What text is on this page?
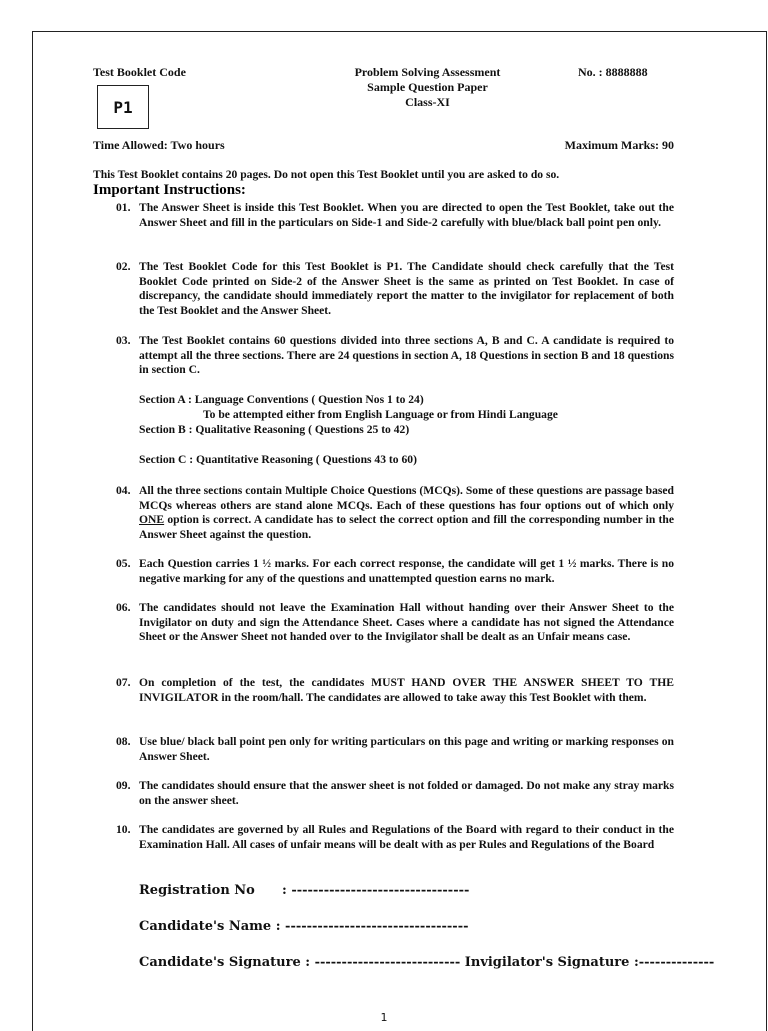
Test Booklet Code
P1
Problem Solving Assessment
Sample Question Paper
Class-XI
No. : 8888888
Time Allowed: Two hours	Maximum Marks: 90
This Test Booklet contains 20 pages. Do not open this Test Booklet until you are asked to do so.
Important Instructions:
01. The Answer Sheet is inside this Test Booklet. When you are directed to open the Test Booklet, take out the Answer Sheet and fill in the particulars on Side-1 and Side-2 carefully with blue/black ball point pen only.
02. The Test Booklet Code for this Test Booklet is P1. The Candidate should check carefully that the Test Booklet Code printed on Side-2 of the Answer Sheet is the same as printed on Test Booklet. In case of discrepancy, the candidate should immediately report the matter to the invigilator for replacement of both the Test Booklet and the Answer Sheet.
03. The Test Booklet contains 60 questions divided into three sections A, B and C. A candidate is required to attempt all the three sections. There are 24 questions in section A, 18 Questions in section B and 18 questions in section C.
Section A : Language Conventions ( Question Nos 1 to 24)
To be attempted either from English Language or from Hindi Language
Section B : Qualitative Reasoning ( Questions 25 to 42)
Section C : Quantitative Reasoning ( Questions 43 to 60)
04. All the three sections contain Multiple Choice Questions (MCQs). Some of these questions are passage based MCQs whereas others are stand alone MCQs. Each of these questions has four options out of which only ONE option is correct. A candidate has to select the correct option and fill the corresponding number in the Answer Sheet against the question.
05. Each Question carries 1 ½ marks. For each correct response, the candidate will get 1 ½ marks. There is no negative marking for any of the questions and unattempted question earns no mark.
06. The candidates should not leave the Examination Hall without handing over their Answer Sheet to the Invigilator on duty and sign the Attendance Sheet. Cases where a candidate has not signed the Attendance Sheet or the Answer Sheet not handed over to the Invigilator shall be dealt as an Unfair means case.
07. On completion of the test, the candidates MUST HAND OVER THE ANSWER SHEET TO THE INVIGILATOR in the room/hall. The candidates are allowed to take away this Test Booklet with them.
08. Use blue/ black ball point pen only for writing particulars on this page and writing or marking responses on Answer Sheet.
09. The candidates should ensure that the answer sheet is not folded or damaged. Do not make any stray marks on the answer sheet.
10. The candidates are governed by all Rules and Regulations of the Board with regard to their conduct in the Examination Hall. All cases of unfair means will be dealt with as per Rules and Regulations of the Board
Registration No      : ---------------------------------
Candidate's Name : ----------------------------------
Candidate's Signature : --------------------------- Invigilator's Signature :--------------
1
